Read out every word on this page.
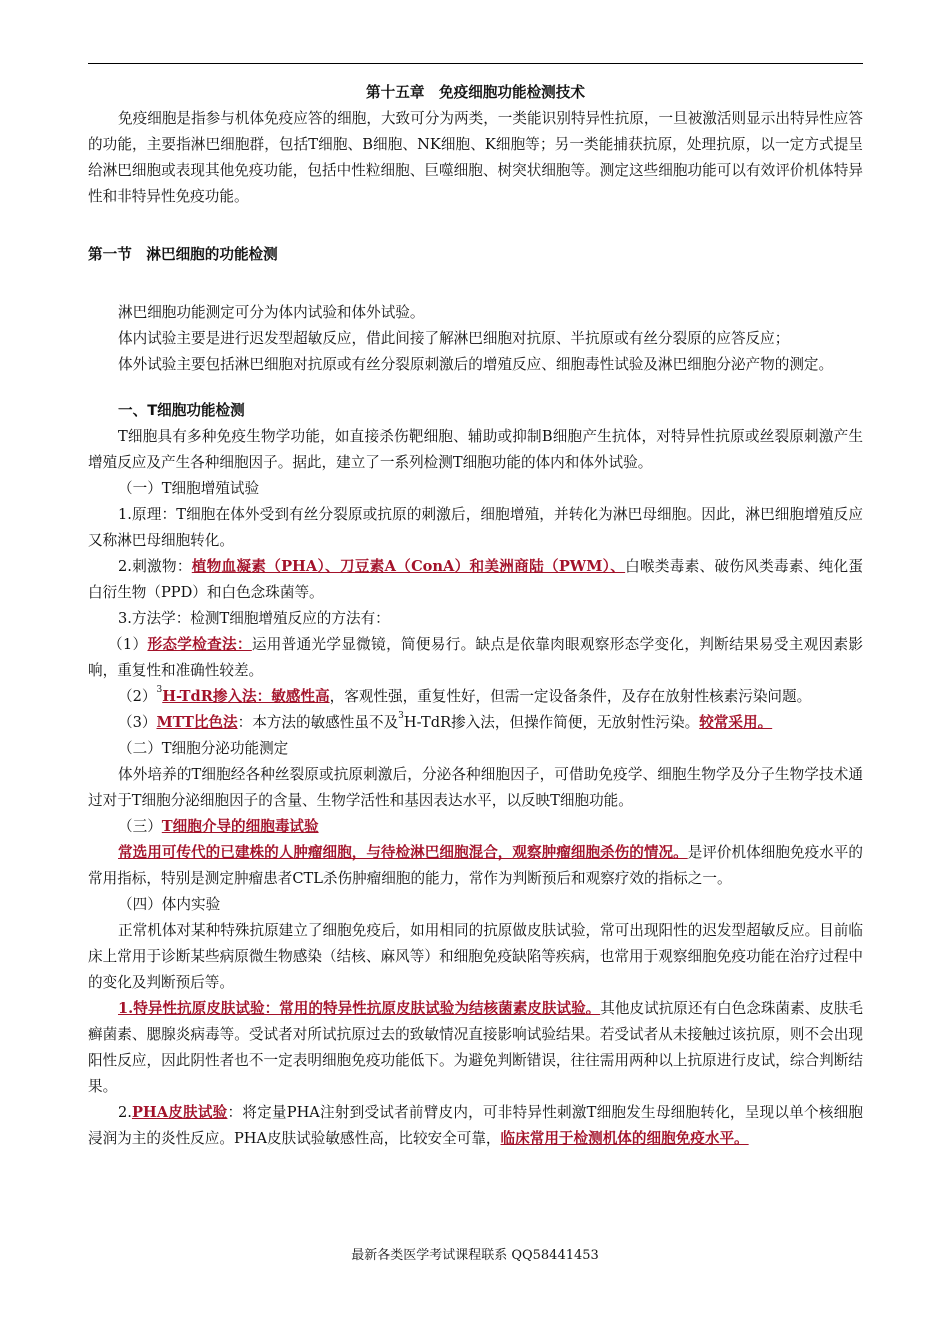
第十五章　免疫细胞功能检测技术

免疫细胞是指参与机体免疫应答的细胞，大致可分为两类，一类能识别特异性抗原，一旦被激活则显示出特异性应答的功能，主要指淋巴细胞群，包括T细胞、B细胞、NK细胞、K细胞等；另一类能捕获抗原，处理抗原，以一定方式提呈给淋巴细胞或表现其他免疫功能，包括中性粒细胞、巨噬细胞、树突状细胞等。测定这些细胞功能可以有效评价机体特异性和非特异性免疫功能。

第一节　淋巴细胞的功能检测

淋巴细胞功能测定可分为体内试验和体外试验。

体内试验主要是进行迟发型超敏反应，借此间接了解淋巴细胞对抗原、半抗原或有丝分裂原的应答反应；

体外试验主要包括淋巴细胞对抗原或有丝分裂原刺激后的增殖反应、细胞毒性试验及淋巴细胞分泌产物的测定。

一、T细胞功能检测

T细胞具有多种免疫生物学功能，如直接杀伤靶细胞、辅助或抑制B细胞产生抗体，对特异性抗原或丝裂原刺激产生增殖反应及产生各种细胞因子。据此，建立了一系列检测T细胞功能的体内和体外试验。

（一）T细胞增殖试验

1.原理：T细胞在体外受到有丝分裂原或抗原的刺激后，细胞增殖，并转化为淋巴母细胞。因此，淋巴细胞增殖反应又称淋巴母细胞转化。

2.刺激物：植物血凝素（PHA）、刀豆素A（ConA）和美洲商陆（PWM）、白喉类毒素、破伤风类毒素、纯化蛋白衍生物（PPD）和白色念珠菌等。

3.方法学：检测T细胞增殖反应的方法有：

（1）形态学检查法：运用普通光学显微镜，简便易行。缺点是依靠肉眼观察形态学变化，判断结果易受主观因素影响，重复性和准确性较差。

$(2)^3H$-TdR掺入法：敏感性高，客观性强，重复性好，但需一定设备条件，及存在放射性核素污染问题。

（3）MTT比色法：本方法的敏感性虽不及$^3$H-TdR掺入法，但操作简便，无放射性污染。较常采用。

（二）T细胞分泌功能测定

体外培养的T细胞经各种丝裂原或抗原刺激后，分泌各种细胞因子，可借助免疫学、细胞生物学及分子生物学技术通过对于T细胞分泌细胞因子的含量、生物学活性和基因表达水平，以反映T细胞功能。

（三）T细胞介导的细胞毒试验

常选用可传代的已建株的人肿瘤细胞，与待检淋巴细胞混合，观察肿瘤细胞杀伤的情况。是评价机体细胞免疫水平的常用指标，特别是测定肿瘤患者CTL杀伤肿瘤细胞的能力，常作为判断预后和观察疗效的指标之一。

（四）体内实验

正常机体对某种特殊抗原建立了细胞免疫后，如用相同的抗原做皮肤试验，常可出现阳性的迟发型超敏反应。目前临床上常用于诊断某些病原微生物感染（结核、麻风等）和细胞免疫缺陷等疾病，也常用于观察细胞免疫功能在治疗过程中的变化及判断预后等。

1.特异性抗原皮肤试验：常用的特异性抗原皮肤试验为结核菌素皮肤试验。其他皮试抗原还有白色念珠菌素、皮肤毛癣菌素、腮腺炎病毒等。受试者对所试抗原过去的致敏情况直接影响试验结果。若受试者从未接触过该抗原，则不会出现阳性反应，因此阴性者也不一定表明细胞免疫功能低下。为避免判断错误，往往需用两种以上抗原进行皮试，综合判断结果。

2.PHA皮肤试验：将定量PHA注射到受试者前臂皮内，可非特异性刺激T细胞发生母细胞转化，呈现以单个核细胞浸润为主的炎性反应。PHA皮肤试验敏感性高，比较安全可靠，临床常用于检测机体的细胞免疫水平。

最新各类医学考试课程联系 QQ58441453
